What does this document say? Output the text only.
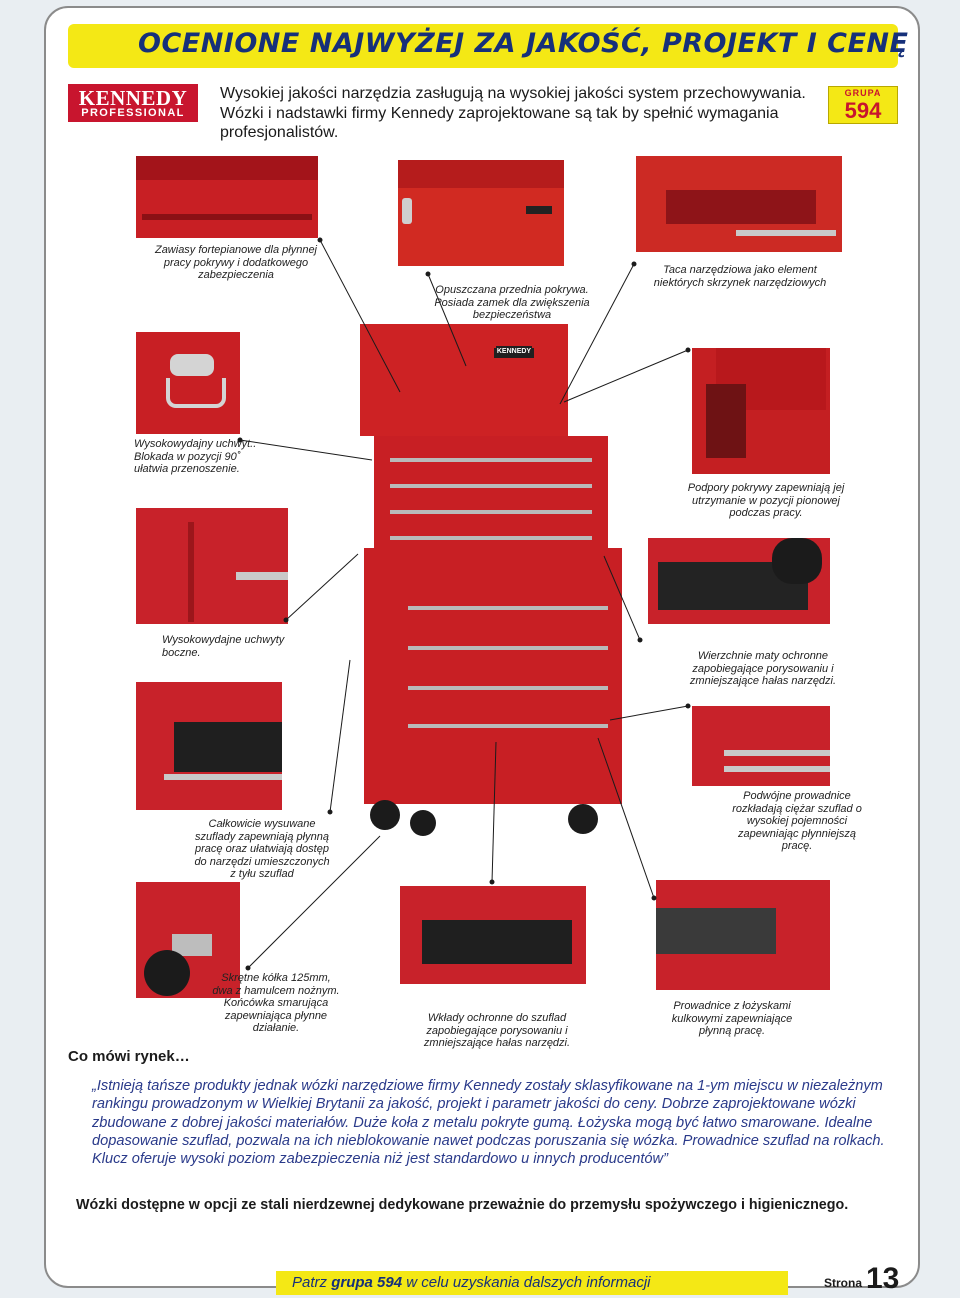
OCENIONE NAJWYŻEJ ZA JAKOŚĆ, PROJEKT I CENĘ
KENNEDY
PROFESSIONAL
Wysokiej jakości narzędzia zasługują na wysokiej jakości system przechowywania. Wózki i nadstawki firmy Kennedy zaprojektowane są tak by spełnić wymagania profesjonalistów.
GRUPA
594
KENNEDY
Zawiasy fortepianowe dla płynnej pracy pokrywy i dodatkowego zabezpieczenia
Opuszczana przednia pokrywa. Posiada zamek dla zwiększenia bezpieczeństwa
Taca narzędziowa jako element niektórych skrzynek narzędziowych
Wysokowydajny uchwyt.. Blokada w pozycji 90˚ ułatwia przenoszenie.
Podpory pokrywy zapewniają jej utrzymanie w pozycji pionowej podczas pracy.
Wysokowydajne uchwyty boczne.	Wierzchnie maty ochronne zapobiegające porysowaniu i zmniejszające hałas narzędzi.
Całkowicie wysuwane szuflady zapewniają płynną pracę oraz ułatwiają dostęp do narzędzi umieszczonych z tyłu szuflad
Podwójne prowadnice rozkładają ciężar szuflad o wysokiej pojemności zapewniając płynniejszą pracę.
Skrętne kółka 125mm, dwa z hamulcem nożnym. Końcówka smarująca zapewniająca płynne działanie.
Wkłady ochronne do szuflad zapobiegające porysowaniu i zmniejszające hałas narzędzi.
Prowadnice z łożyskami kulkowymi zapewniające płynną pracę.
Co mówi rynek…
„Istnieją tańsze produkty jednak wózki narzędziowe firmy Kennedy zostały sklasyfikowane na 1-ym miejscu w niezależnym rankingu prowadzonym w Wielkiej Brytanii za jakość, projekt i parametr jakości do ceny. Dobrze zaprojektowane wózki zbudowane z dobrej jakości materiałów. Duże koła z metalu pokryte gumą. Łożyska mogą być łatwo smarowane. Idealne dopasowanie szuflad, pozwala na ich nieblokowanie nawet podczas poruszania się wózka. Prowadnice szuflad na rolkach. Klucz oferuje wysoki poziom zabezpieczenia niż jest standardowo u innych producentów”
Wózki dostępne w opcji ze stali nierdzewnej dedykowane przeważnie do przemysłu spożywczego i higienicznego.
Patrz grupa 594 w celu uzyskania dalszych informacji	Strona 13
